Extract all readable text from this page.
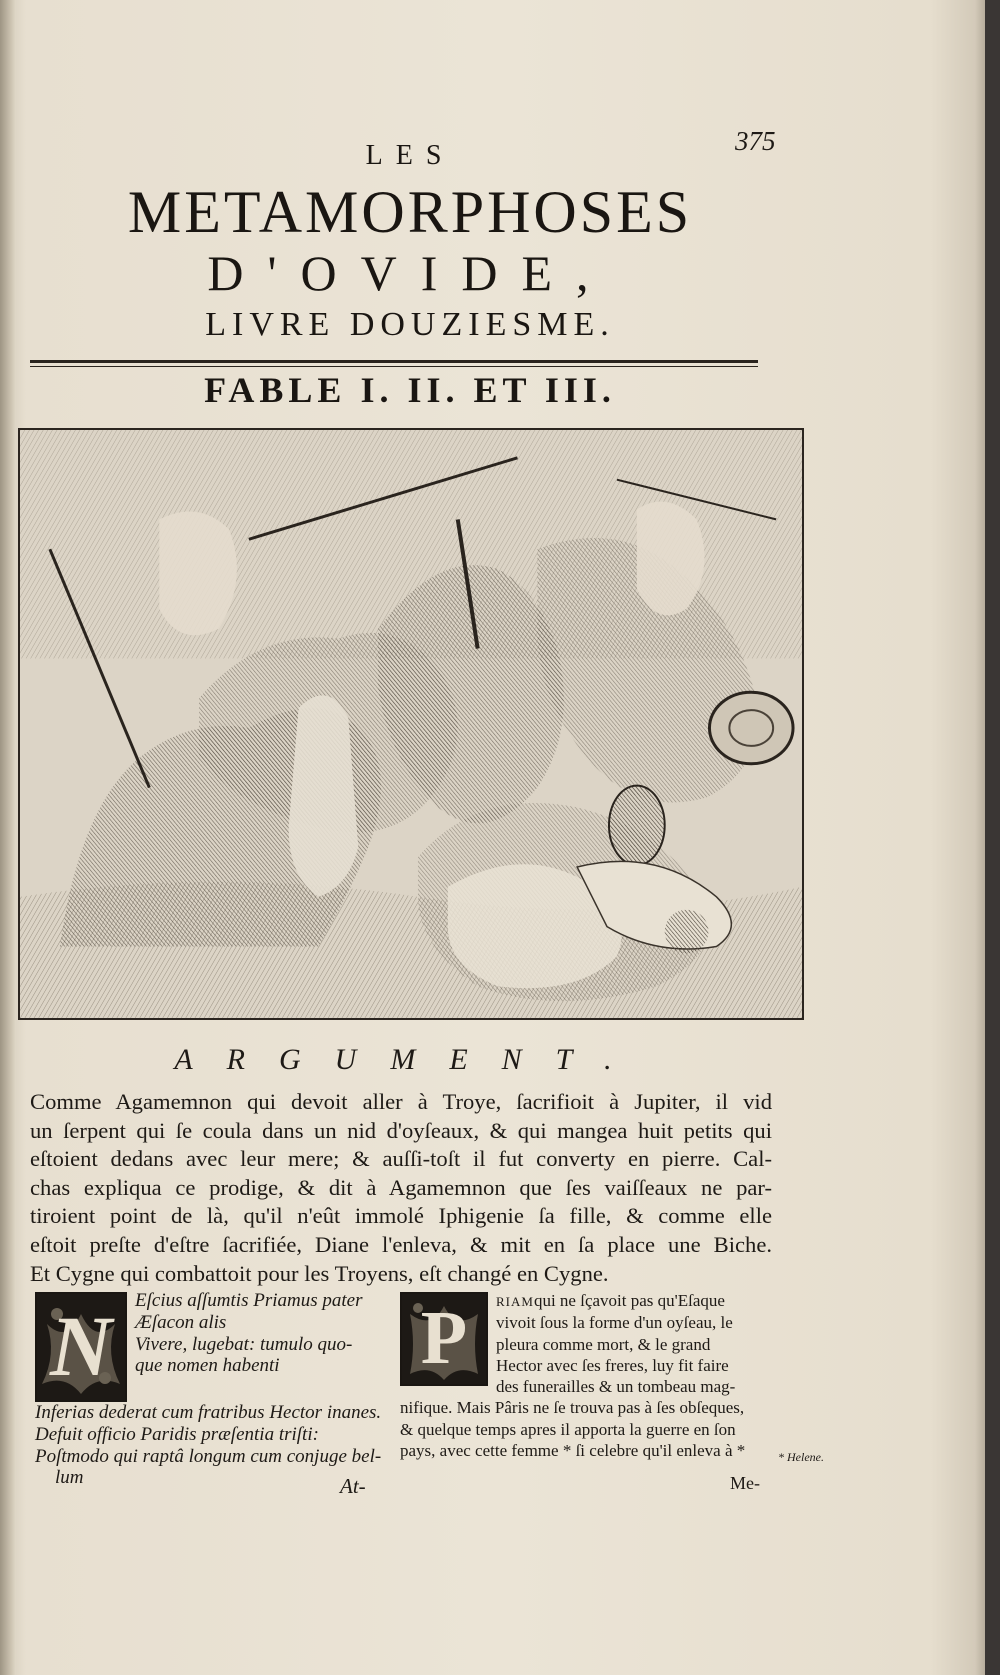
375
LES
METAMORPHOSES
D'OVIDE,
LIVRE DOUZIESME.
FABLE I. II. ET III.
ARGUMENT.
Comme Agamemnon qui devoit aller à Troye, ſacrifioit à Jupiter, il vid
un ſerpent qui ſe coula dans un nid d'oyſeaux, & qui mangea huit petits qui
eſtoient dedans avec leur mere; & auſſi-toſt il fut converty en pierre. Cal-
chas expliqua ce prodige, & dit à Agamemnon que ſes vaiſſeaux ne par-
tiroient point de là, qu'il n'eût immolé Iphigenie ſa fille, & comme elle
eſtoit preſte d'eſtre ſacrifiée, Diane l'enleva, & mit en ſa place une Biche.
Et Cygne qui combattoit pour les Troyens, eſt changé en Cygne.
N	Eſcius aſſumtis Priamus pater
Æſacon alis
Vivere, lugebat: tumulo quo-
que nomen habenti
Inferias dederat cum fratribus Hector inanes.
Defuit officio Paridis præſentia triſti:
Poſtmodo qui raptâ longum cum conjuge bel-
lum	At-
P	RIAMqui ne ſçavoit pas qu'Eſaque
vivoit ſous la forme d'un oyſeau, le
pleura comme mort, & le grand
Hector avec ſes freres, luy fit faire
des funerailles & un tombeau mag-
nifique. Mais Pâris ne ſe trouva pas à ſes obſeques,
& quelque temps apres il apporta la guerre en ſon
pays, avec cette femme * ſi celebre qu'il enleva à *	* Helene.
Me-
